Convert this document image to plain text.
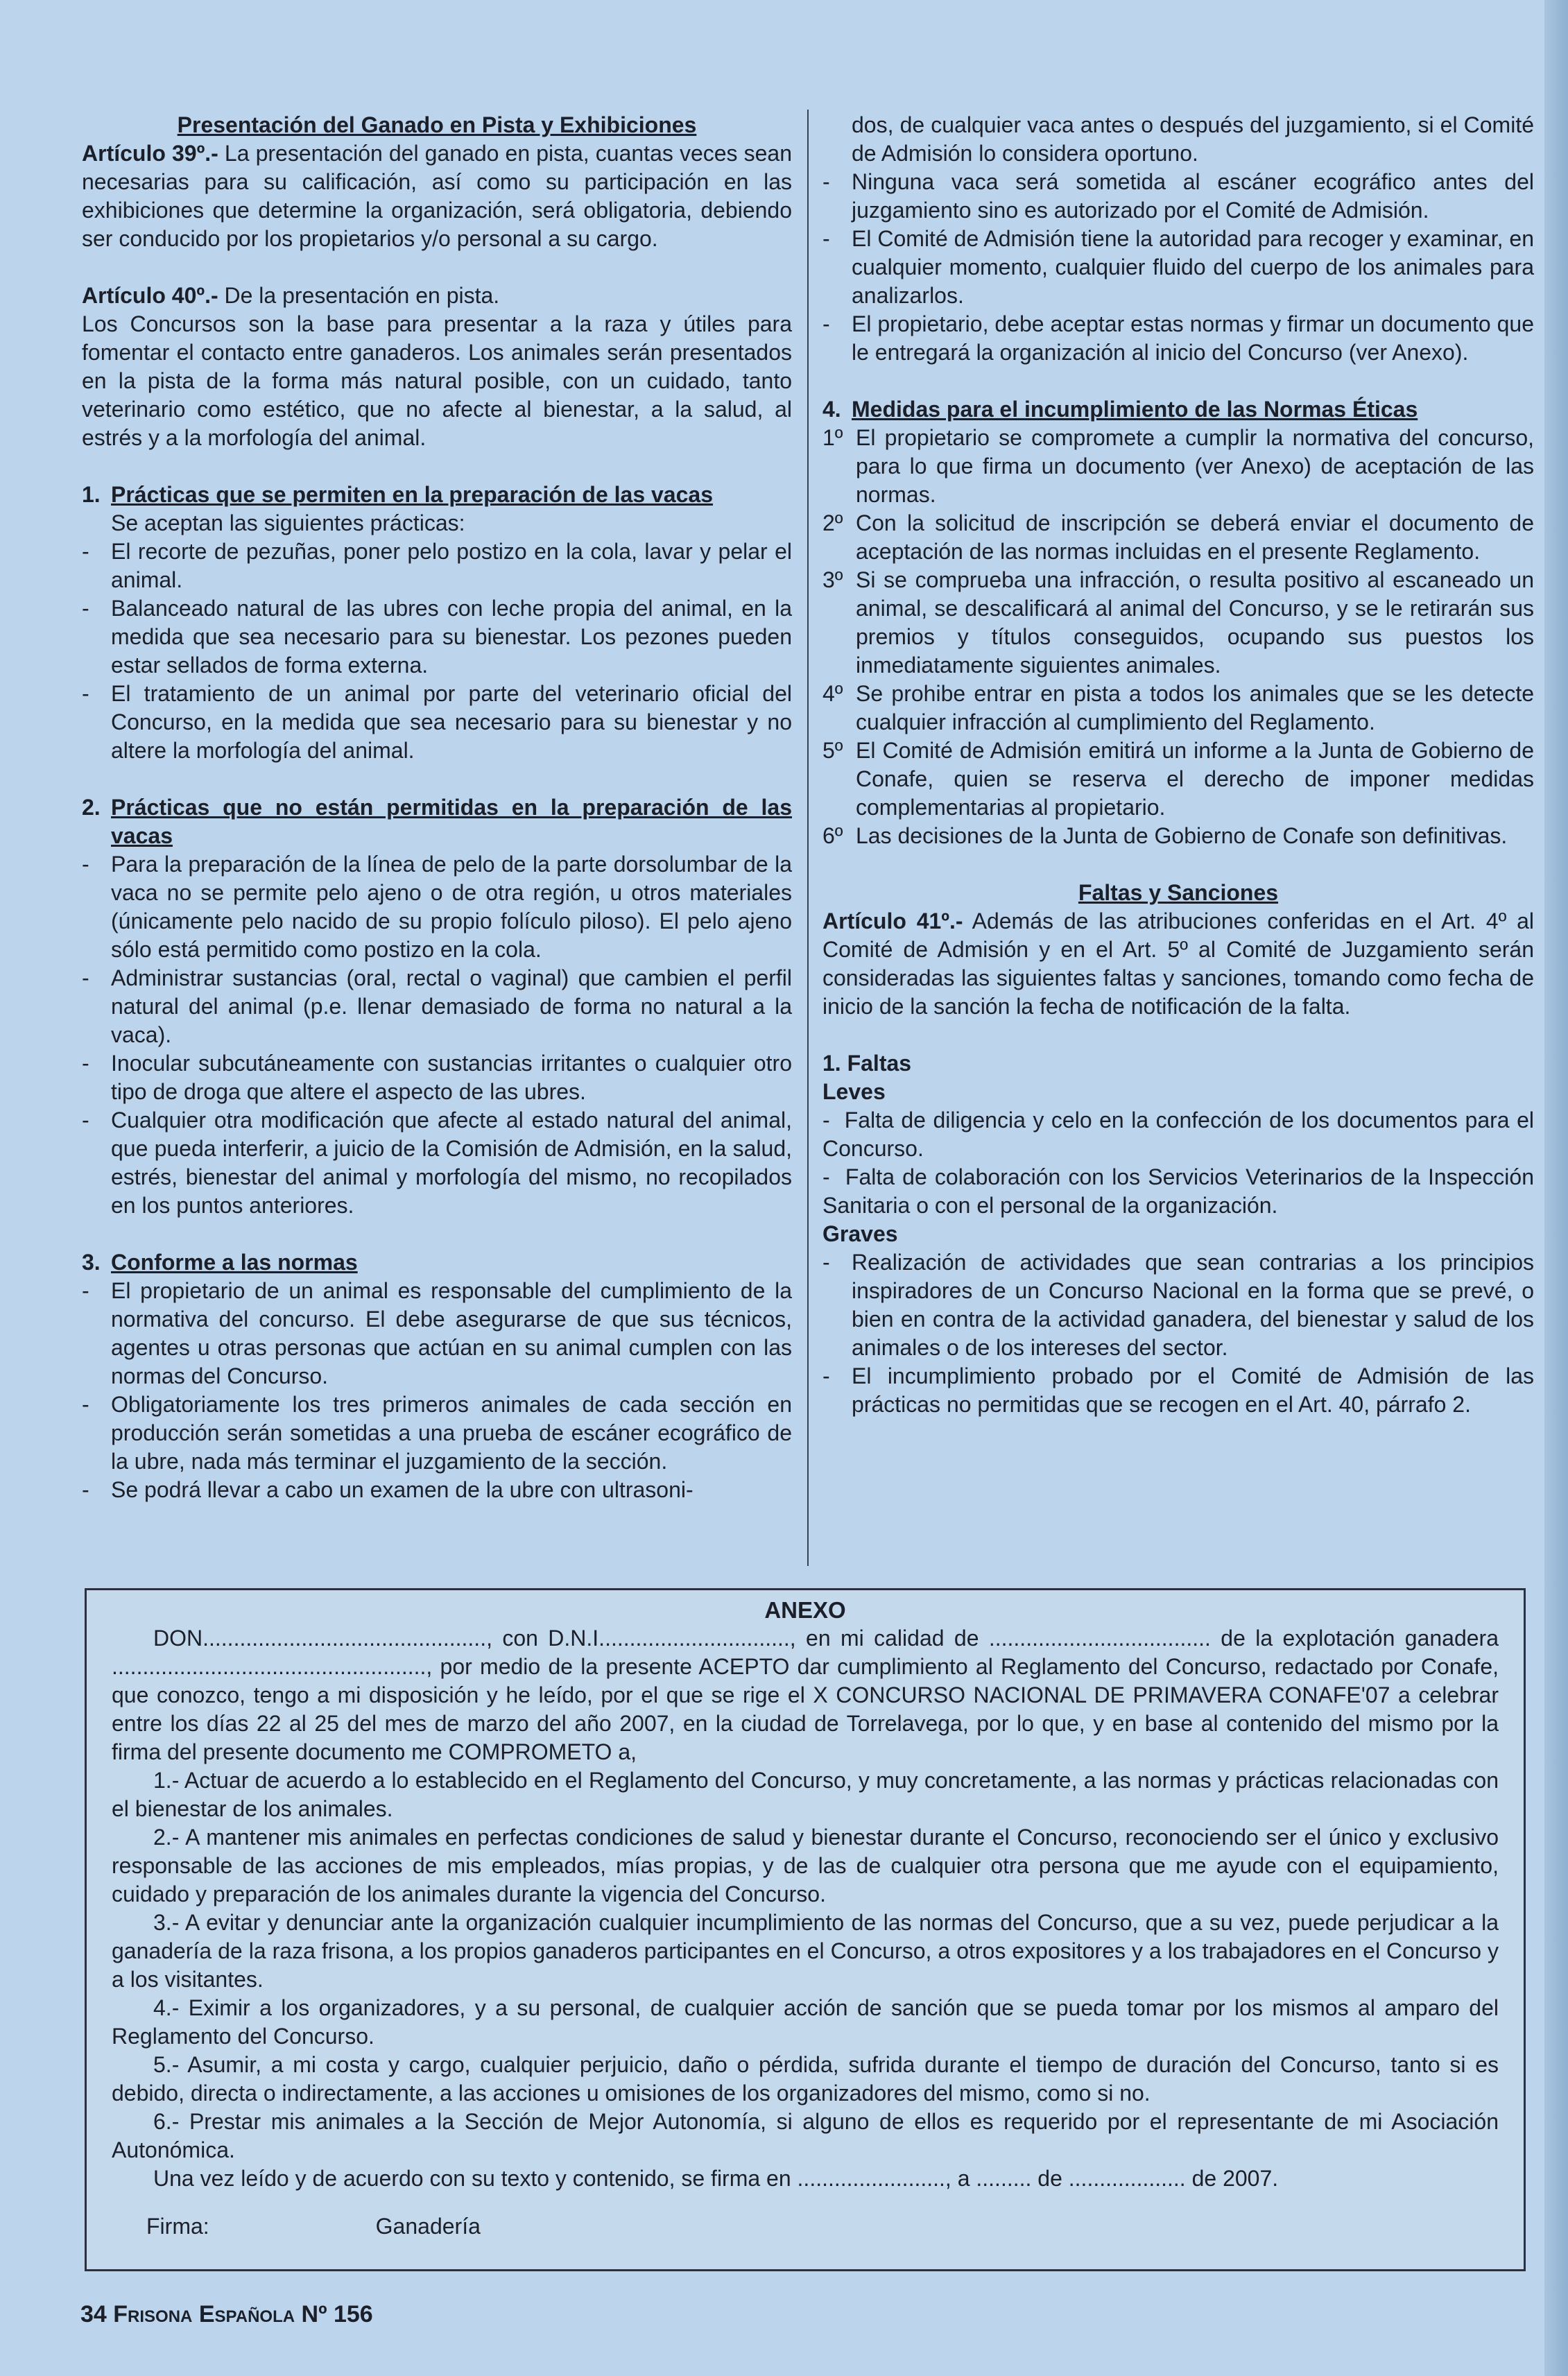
Presentación del Ganado en Pista y Exhibiciones

Artículo 39º.- La presentación del ganado en pista, cuantas veces sean necesarias para su calificación, así como su participación en las exhibiciones que determine la organización, será obligatoria, debiendo ser conducido por los propietarios y/o personal a su cargo.

Artículo 40º.- De la presentación en pista.

Los Concursos son la base para presentar a la raza y útiles para fomentar el contacto entre ganaderos. Los animales serán presentados en la pista de la forma más natural posible, con un cuidado, tanto veterinario como estético, que no afecte al bienestar, a la salud, al estrés y a la morfología del animal.

1. Prácticas que se permiten en la preparación de las vacas

Se aceptan las siguientes prácticas:

- El recorte de pezuñas, poner pelo postizo en la cola, lavar y pelar el animal.
- Balanceado natural de las ubres con leche propia del animal, en la medida que sea necesario para su bienestar. Los pezones pueden estar sellados de forma externa.
- El tratamiento de un animal por parte del veterinario oficial del Concurso, en la medida que sea necesario para su bienestar y no altere la morfología del animal.
2. Prácticas que no están permitidas en la preparación de las vacas
- Para la preparación de la línea de pelo de la parte dorsolumbar de la vaca no se permite pelo ajeno o de otra región, u otros materiales (únicamente pelo nacido de su propio folículo piloso). El pelo ajeno sólo está permitido como postizo en la cola.
- Administrar sustancias (oral, rectal o vaginal) que cambien el perfil natural del animal (p.e. llenar demasiado de forma no natural a la vaca).
- Inocular subcutáneamente con sustancias irritantes o cualquier otro tipo de droga que altere el aspecto de las ubres.
- Cualquier otra modificación que afecte al estado natural del animal, que pueda interferir, a juicio de la Comisión de Admisión, en la salud, estrés, bienestar del animal y morfología del mismo, no recopilados en los puntos anteriores.
3. Conforme a las normas
- El propietario de un animal es responsable del cumplimiento de la normativa del concurso. El debe asegurarse de que sus técnicos, agentes u otras personas que actúan en su animal cumplen con las normas del Concurso.
- Obligatoriamente los tres primeros animales de cada sección en producción serán sometidas a una prueba de escáner ecográfico de la ubre, nada más terminar el juzgamiento de la sección.
- Se podrá llevar a cabo un examen de la ubre con ultrasoni-

dos, de cualquier vaca antes o después del juzgamiento, si el Comité de Admisión lo considera oportuno.

- Ninguna vaca será sometida al escáner ecográfico antes del juzgamiento sino es autorizado por el Comité de Admisión.
- El Comité de Admisión tiene la autoridad para recoger y examinar, en cualquier momento, cualquier fluido del cuerpo de los animales para analizarlos.
- El propietario, debe aceptar estas normas y firmar un documento que le entregará la organización al inicio del Concurso (ver Anexo).
4. Medidas para el incumplimiento de las Normas Éticas
1º El propietario se compromete a cumplir la normativa del concurso, para lo que firma un documento (ver Anexo) de aceptación de las normas.
2º Con la solicitud de inscripción se deberá enviar el documento de aceptación de las normas incluidas en el presente Reglamento.
3º Si se comprueba una infracción, o resulta positivo al escaneado un animal, se descalificará al animal del Concurso, y se le retirarán sus premios y títulos conseguidos, ocupando sus puestos los inmediatamente siguientes animales.
4º Se prohibe entrar en pista a todos los animales que se les detecte cualquier infracción al cumplimiento del Reglamento.
5º El Comité de Admisión emitirá un informe a la Junta de Gobierno de Conafe, quien se reserva el derecho de imponer medidas complementarias al propietario.
6º Las decisiones de la Junta de Gobierno de Conafe son definitivas.
Faltas y Sanciones

Artículo 41º.- Además de las atribuciones conferidas en el Art. 4º al Comité de Admisión y en el Art. 5º al Comité de Juzgamiento serán consideradas las siguientes faltas y sanciones, tomando como fecha de inicio de la sanción la fecha de notificación de la falta.

1. Faltas
Leves

-  Falta de diligencia y celo en la confección de los documentos para el Concurso.

-  Falta de colaboración con los Servicios Veterinarios de la Inspección Sanitaria o con el personal de la organización.

Graves
- Realización de actividades que sean contrarias a los principios inspiradores de un Concurso Nacional en la forma que se prevé, o bien en contra de la actividad ganadera, del bienestar y salud de los animales o de los intereses del sector.
- El incumplimiento probado por el Comité de Admisión de las prácticas no permitidas que se recogen en el Art. 40, párrafo 2.
ANEXO

DON.............................................., con D.N.I..............................., en mi calidad de .................................... de la explotación ganadera ..................................................., por medio de la presente ACEPTO dar cumplimiento al Reglamento del Concurso, redactado por Conafe, que conozco, tengo a mi disposición y he leído, por el que se rige el X CONCURSO NACIONAL DE PRIMAVERA CONAFE'07 a celebrar entre los días 22 al 25 del mes de marzo del año 2007, en la ciudad de Torrelavega, por lo que, y en base al contenido del mismo por la firma del presente documento me COMPROMETO a,

1.- Actuar de acuerdo a lo establecido en el Reglamento del Concurso, y muy concretamente, a las normas y prácticas relacionadas con el bienestar de los animales.

2.- A mantener mis animales en perfectas condiciones de salud y bienestar durante el Concurso, reconociendo ser el único y exclusivo responsable de las acciones de mis empleados, mías propias, y de las de cualquier otra persona que me ayude con el equipamiento, cuidado y preparación de los animales durante la vigencia del Concurso.

3.- A evitar y denunciar ante la organización cualquier incumplimiento de las normas del Concurso, que a su vez, puede perjudicar a la ganadería de la raza frisona, a los propios ganaderos participantes en el Concurso, a otros expositores y a los trabajadores en el Concurso y a los visitantes.

4.- Eximir a los organizadores, y a su personal, de cualquier acción de sanción que se pueda tomar por los mismos al amparo del Reglamento del Concurso.

5.- Asumir, a mi costa y cargo, cualquier perjuicio, daño o pérdida, sufrida durante el tiempo de duración del Concurso, tanto si es debido, directa o indirectamente, a las acciones u omisiones de los organizadores del mismo, como si no.

6.- Prestar mis animales a la Sección de Mejor Autonomía, si alguno de ellos es requerido por el representante de mi Asociación Autonómica.

Una vez leído y de acuerdo con su texto y contenido, se firma en ........................, a ......... de ................... de 2007.

Firma:	Ganadería
34 Frisona Española Nº 156
